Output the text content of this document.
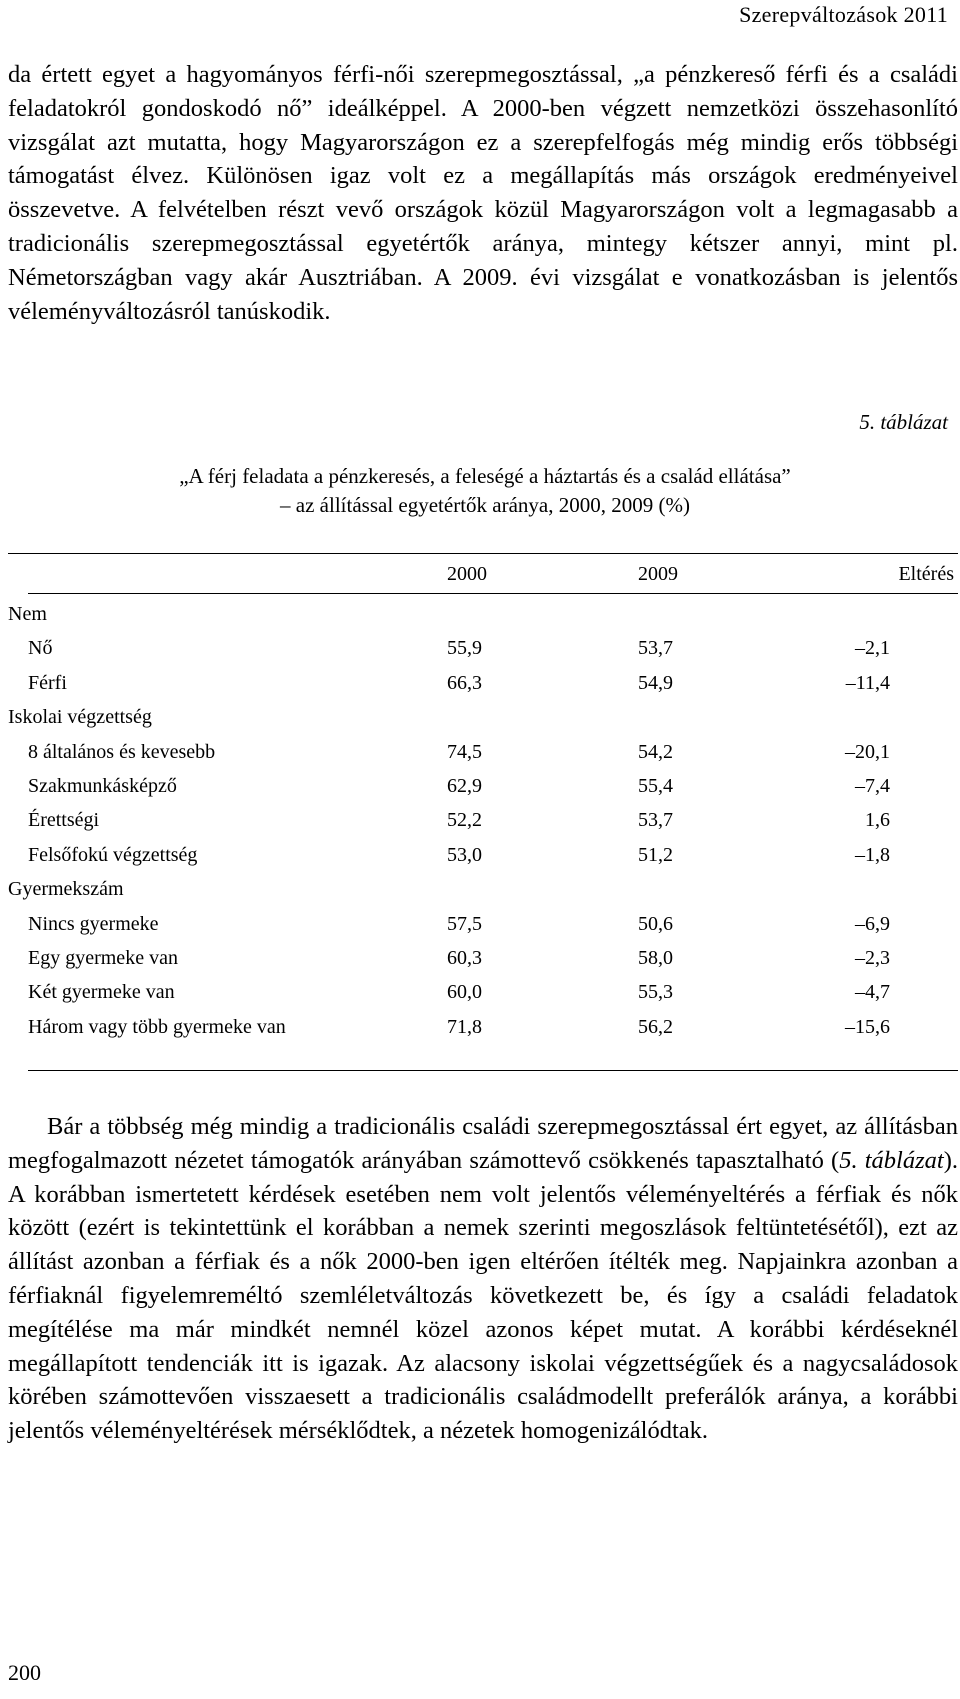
Szerepváltozások 2011

da értett egyet a hagyományos férfi-női szerepmegosztással, „a pénzkereső férfi és a családi feladatokról gondoskodó nő” ideálképpel. A 2000-ben végzett nemzetközi összehasonlító vizsgálat azt mutatta, hogy Magyarországon ez a szerepfelfogás még mindig erős többségi támogatást élvez. Különösen igaz volt ez a megállapítás más országok eredményeivel összevetve. A felvételben részt vevő országok közül Magyarországon volt a legmagasabb a tradicionális szerepmegosztással egyetértők aránya, mintegy kétszer annyi, mint pl. Németországban vagy akár Ausztriában. A 2009. évi vizsgálat e vonatkozásban is jelentős véleményváltozásról tanúskodik.

5. táblázat
„A férj feladata a pénzkeresés, a feleségé a háztartás és a család ellátása”
– az állítással egyetértők aránya, 2000, 2009 (%)
2000	2009	Eltérés
Nem
Nő	55,9	53,7	–2,1
Férfi	66,3	54,9	–11,4
Iskolai végzettség
8 általános és kevesebb	74,5	54,2	–20,1
Szakmunkásképző	62,9	55,4	–7,4
Érettségi	52,2	53,7	1,6
Felsőfokú végzettség	53,0	51,2	–1,8
Gyermekszám
Nincs gyermeke	57,5	50,6	–6,9
Egy gyermeke van	60,3	58,0	–2,3
Két gyermeke van	60,0	55,3	–4,7
Három vagy több gyermeke van	71,8	56,2	–15,6

Bár a többség még mindig a tradicionális családi szerepmegosztással ért egyet, az állításban megfogalmazott nézetet támogatók arányában számottevő csökkenés tapasztalható (5. táblázat). A korábban ismertetett kérdések esetében nem volt jelentős véleményeltérés a férfiak és nők között (ezért is tekintettünk el korábban a nemek szerinti megoszlások feltüntetésétől), ezt az állítást azonban a férfiak és a nők 2000-ben igen eltérően ítélték meg. Napjainkra azonban a férfiaknál figyelemreméltó szemléletváltozás következett be, és így a családi feladatok megítélése ma már mindkét nemnél közel azonos képet mutat. A korábbi kérdéseknél megállapított tendenciák itt is igazak. Az alacsony iskolai végzettségűek és a nagycsaládosok körében számottevően visszaesett a tradicionális családmodellt preferálók aránya, a korábbi jelentős véleményeltérések mérséklődtek, a nézetek homogenizálódtak.

200
